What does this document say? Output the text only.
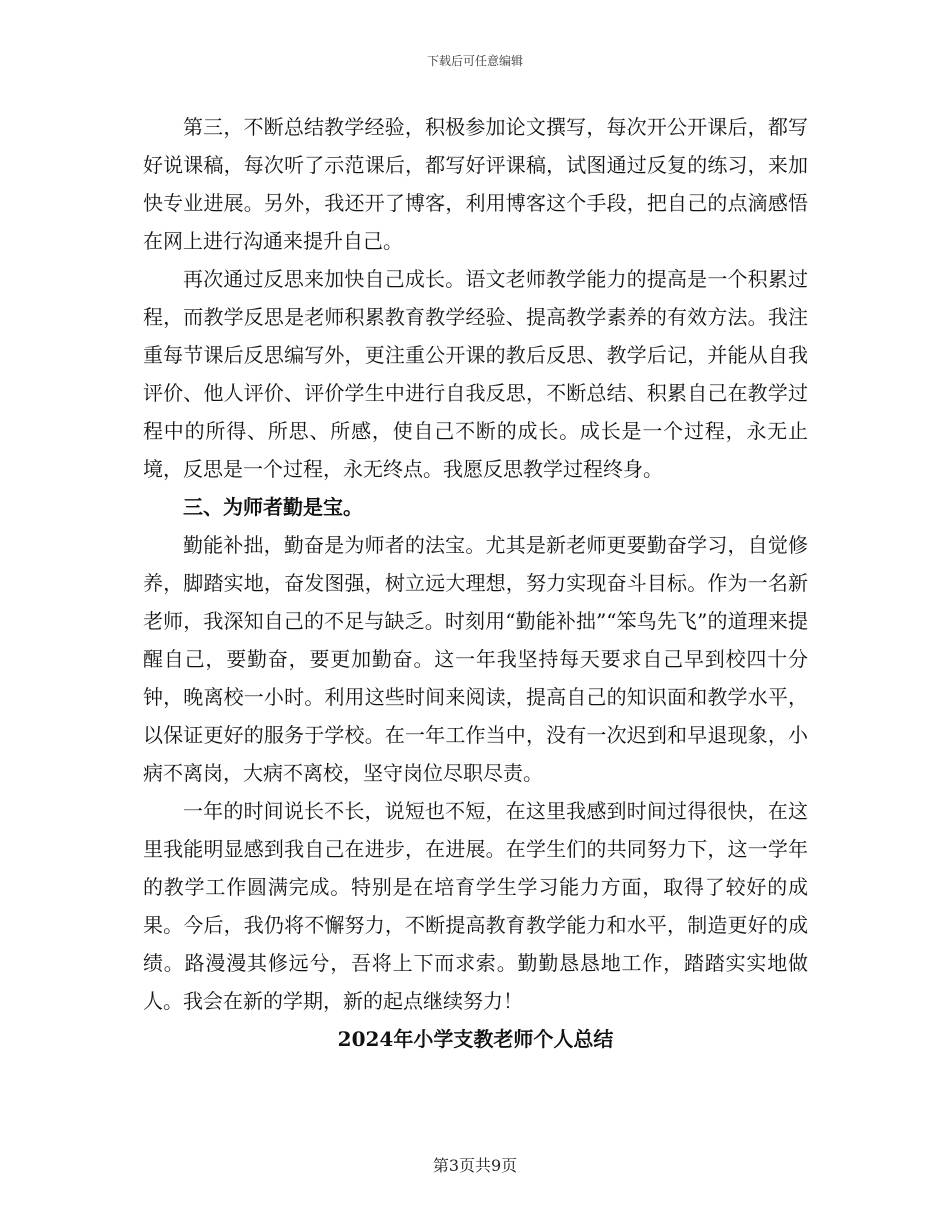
下载后可任意编辑

第三，不断总结教学经验，积极参加论文撰写，每次开公开课后，都写好说课稿，每次听了示范课后，都写好评课稿，试图通过反复的练习，来加快专业进展。另外，我还开了博客，利用博客这个手段，把自己的点滴感悟在网上进行沟通来提升自己。

再次通过反思来加快自己成长。语文老师教学能力的提高是一个积累过程，而教学反思是老师积累教育教学经验、提高教学素养的有效方法。我注重每节课后反思编写外，更注重公开课的教后反思、教学后记，并能从自我评价、他人评价、评价学生中进行自我反思，不断总结、积累自己在教学过程中的所得、所思、所感，使自己不断的成长。成长是一个过程，永无止境，反思是一个过程，永无终点。我愿反思教学过程终身。

三、为师者勤是宝。

勤能补拙，勤奋是为师者的法宝。尤其是新老师更要勤奋学习，自觉修养，脚踏实地，奋发图强，树立远大理想，努力实现奋斗目标。作为一名新老师，我深知自己的不足与缺乏。时刻用“勤能补拙”“笨鸟先飞”的道理来提醒自己，要勤奋，要更加勤奋。这一年我坚持每天要求自己早到校四十分钟，晚离校一小时。利用这些时间来阅读，提高自己的知识面和教学水平，以保证更好的服务于学校。在一年工作当中，没有一次迟到和早退现象，小病不离岗，大病不离校，坚守岗位尽职尽责。

一年的时间说长不长，说短也不短，在这里我感到时间过得很快，在这里我能明显感到我自己在进步，在进展。在学生们的共同努力下，这一学年的教学工作圆满完成。特别是在培育学生学习能力方面，取得了较好的成果。今后，我仍将不懈努力，不断提高教育教学能力和水平，制造更好的成绩。路漫漫其修远兮，吾将上下而求索。勤勤恳恳地工作，踏踏实实地做人。我会在新的学期，新的起点继续努力！

2024年小学支教老师个人总结

第3页共9页
